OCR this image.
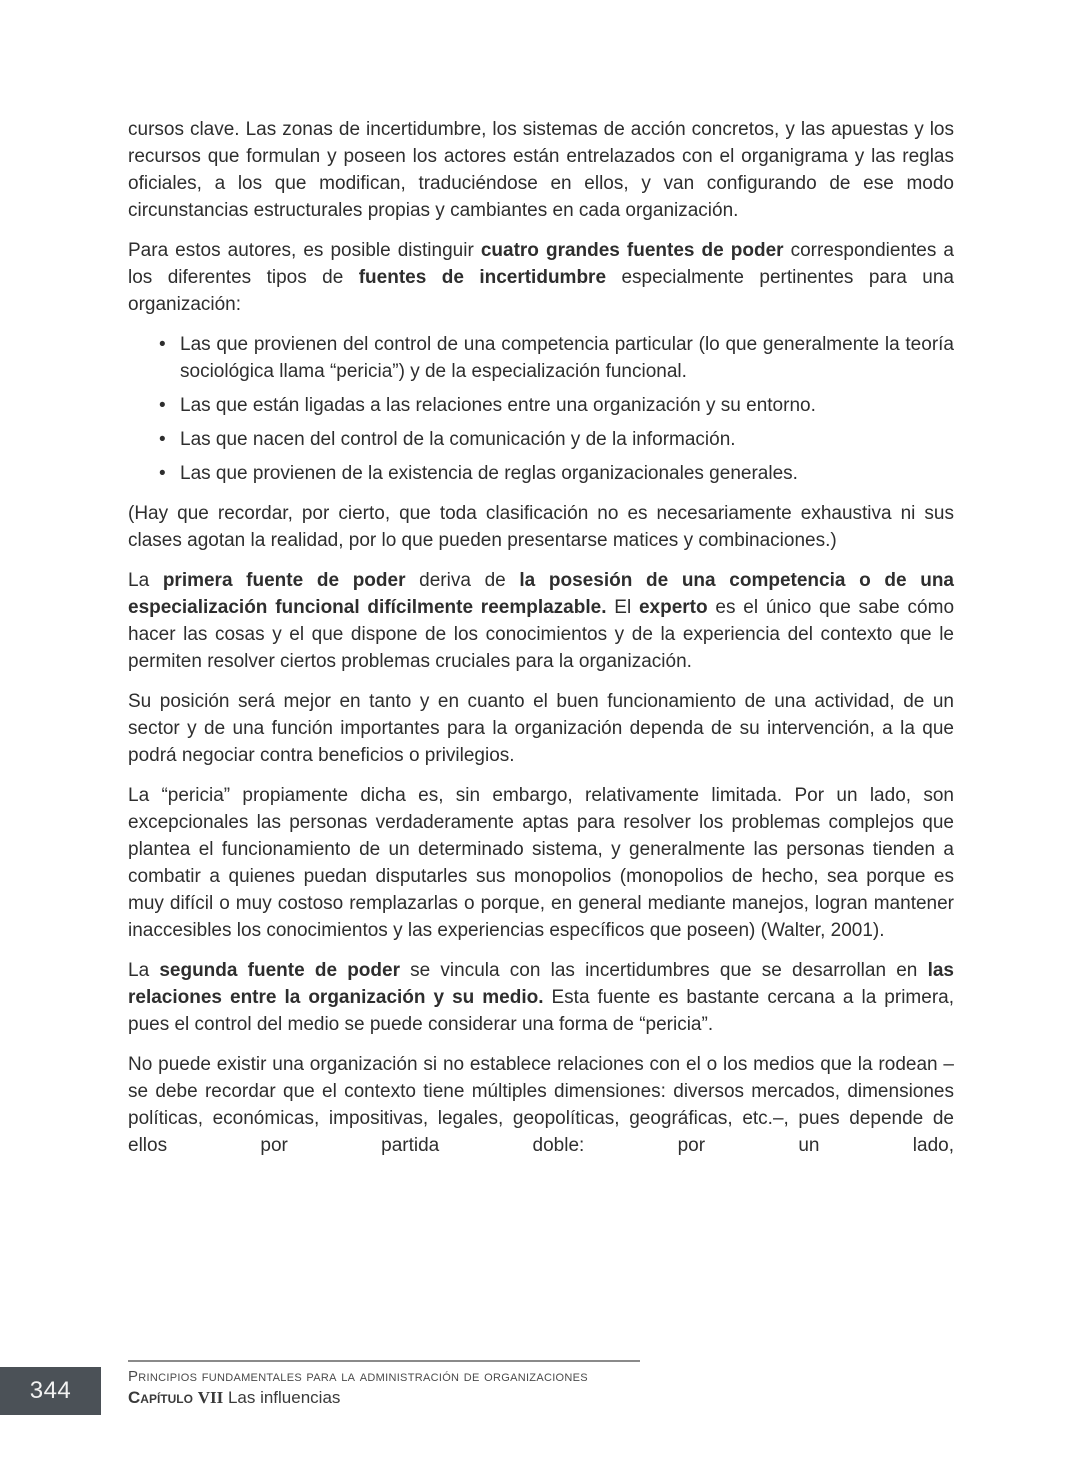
cursos clave. Las zonas de incertidumbre, los sistemas de acción concretos, y las apuestas y los recursos que formulan y poseen los actores están entrelazados con el organigrama y las reglas oficiales, a los que modifican, traduciéndose en ellos, y van configurando de ese modo circunstancias estructurales propias y cambiantes en cada organización.

Para estos autores, es posible distinguir cuatro grandes fuentes de poder correspondientes a los diferentes tipos de fuentes de incertidumbre especialmente pertinentes para una organización:

• Las que provienen del control de una competencia particular (lo que generalmente la teoría sociológica llama “pericia”) y de la especialización funcional.
• Las que están ligadas a las relaciones entre una organización y su entorno.
• Las que nacen del control de la comunicación y de la información.
• Las que provienen de la existencia de reglas organizacionales generales.

(Hay que recordar, por cierto, que toda clasificación no es necesariamente exhaustiva ni sus clases agotan la realidad, por lo que pueden presentarse matices y combinaciones.)

La primera fuente de poder deriva de la posesión de una competencia o de una especialización funcional difícilmente reemplazable. El experto es el único que sabe cómo hacer las cosas y el que dispone de los conocimientos y de la experiencia del contexto que le permiten resolver ciertos problemas cruciales para la organización.

Su posición será mejor en tanto y en cuanto el buen funcionamiento de una actividad, de un sector y de una función importantes para la organización dependa de su intervención, a la que podrá negociar contra beneficios o privilegios.

La “pericia” propiamente dicha es, sin embargo, relativamente limitada. Por un lado, son excepcionales las personas verdaderamente aptas para resolver los problemas complejos que plantea el funcionamiento de un determinado sistema, y generalmente las personas tienden a combatir a quienes puedan disputarles sus monopolios (monopolios de hecho, sea porque es muy difícil o muy costoso remplazarlas o porque, en general mediante manejos, logran mantener inaccesibles los conocimientos y las experiencias específicos que poseen) (Walter, 2001).

La segunda fuente de poder se vincula con las incertidumbres que se desarrollan en las relaciones entre la organización y su medio. Esta fuente es bastante cercana a la primera, pues el control del medio se puede considerar una forma de “pericia”.

No puede existir una organización si no establece relaciones con el o los medios que la rodean –se debe recordar que el contexto tiene múltiples dimensiones: diversos mercados, dimensiones políticas, económicas, impositivas, legales, geopolíticas, geográficas, etc.–, pues depende de ellos por partida doble: por un lado,

344
Principios fundamentales para la administración de organizaciones
Capítulo VII Las influencias
